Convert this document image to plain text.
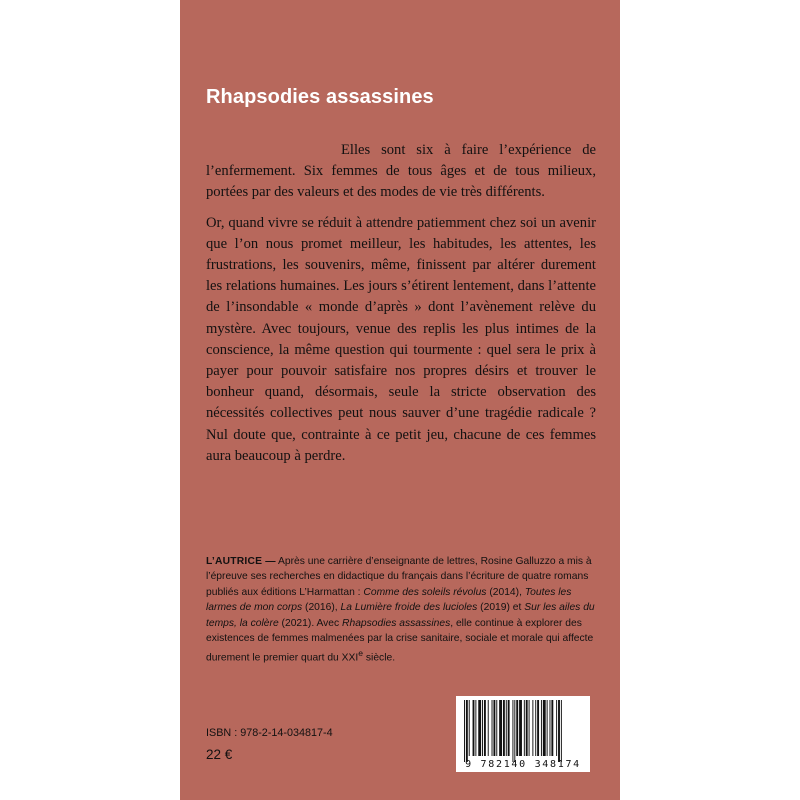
Rhapsodies assassines

Elles sont six à faire l’expérience de l’enfermement. Six femmes de tous âges et de tous milieux, portées par des valeurs et des modes de vie très différents.

Or, quand vivre se réduit à attendre patiemment chez soi un avenir que l’on nous promet meilleur, les habitudes, les attentes, les frustrations, les souvenirs, même, finissent par altérer durement les relations humaines. Les jours s’étirent lentement, dans l’attente de l’insondable « monde d’après » dont l’avènement relève du mystère. Avec toujours, venue des replis les plus intimes de la conscience, la même question qui tourmente : quel sera le prix à payer pour pouvoir satisfaire nos propres désirs et trouver le bonheur quand, désormais, seule la stricte observation des nécessités collectives peut nous sauver d’une tragédie radicale ? Nul doute que, contrainte à ce petit jeu, chacune de ces femmes aura beaucoup à perdre.

L’AUTRICE — Après une carrière d’enseignante de lettres, Rosine Galluzzo a mis à l’épreuve ses recherches en didactique du français dans l’écriture de quatre romans publiés aux éditions L’Harmattan : Comme des soleils révolus (2014), Toutes les larmes de mon corps (2016), La Lumière froide des lucioles (2019) et Sur les ailes du temps, la colère (2021). Avec Rhapsodies assassines, elle continue à explorer des existences de femmes malmenées par la crise sanitaire, sociale et morale qui affecte durement le premier quart du XXIe siècle.
ISBN : 978-2-14-034817-4
22 €
9 782140 348174
